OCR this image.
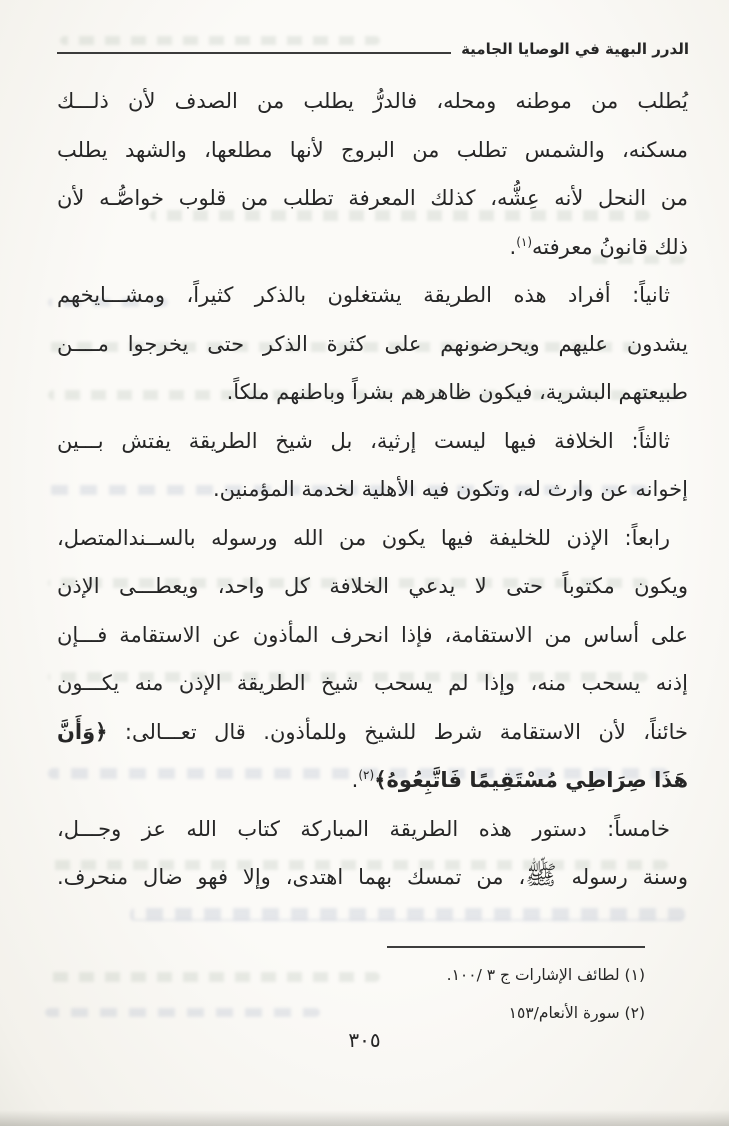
الدرر البهية في الوصايا الجامية
يُطلب من موطنه ومحله، فالدرُّ يطلب من الصدف لأن ذلـــك
مسكنه، والشمس تطلب من البروج لأنها مطلعها، والشهد يطلب
من النحل لأنه عِشُّه، كذلك المعرفة تطلب من قلوب خواصُّـه لأن
ذلك قانونُ معرفته$^{(١)}$.
ثانياً: أفراد هذه الطريقة يشتغلون بالذكر كثيراً، ومشـــايخهم
يشدون عليهم ويحرضونهم على كثرة الذكر حتى يخرجوا مــــن
طبيعتهم البشرية، فيكون ظاهرهم بشراً وباطنهم ملكاً.
ثالثاً: الخلافة فيها ليست إرثية، بل شيخ الطريقة يفتش بـــين
إخوانه عن وارث له، وتكون فيه الأهلية لخدمة المؤمنين.
رابعاً: الإذن للخليفة فيها يكون من الله ورسوله بالســندالمتصل،
ويكون مكتوباً حتى لا يدعي الخلافة كل واحد، ويعطـــى الإذن
على أساس من الاستقامة، فإذا انحرف المأذون عن الاستقامة فـــإن
إذنه يسحب منه، وإذا لم يسحب شيخ الطريقة الإذن منه يكـــون
خائناً، لأن الاستقامة شرط للشيخ وللمأذون. قال تعـــالى: ﴿وَأَنَّ
هَذَا صِرَاطِي مُسْتَقِيمًا فَاتَّبِعُوهُ﴾$^{(٢)}$.
خامساً: دستور هذه الطريقة المباركة كتاب الله عز وجـــل،
وسنة رسوله ﷺ، من تمسك بهما اهتدى، وإلا فهو ضال منحرف.
(١) لطائف الإشارات ج ٣ /١٠٠.
(٢) سورة الأنعام/١٥٣
٣٠٥
